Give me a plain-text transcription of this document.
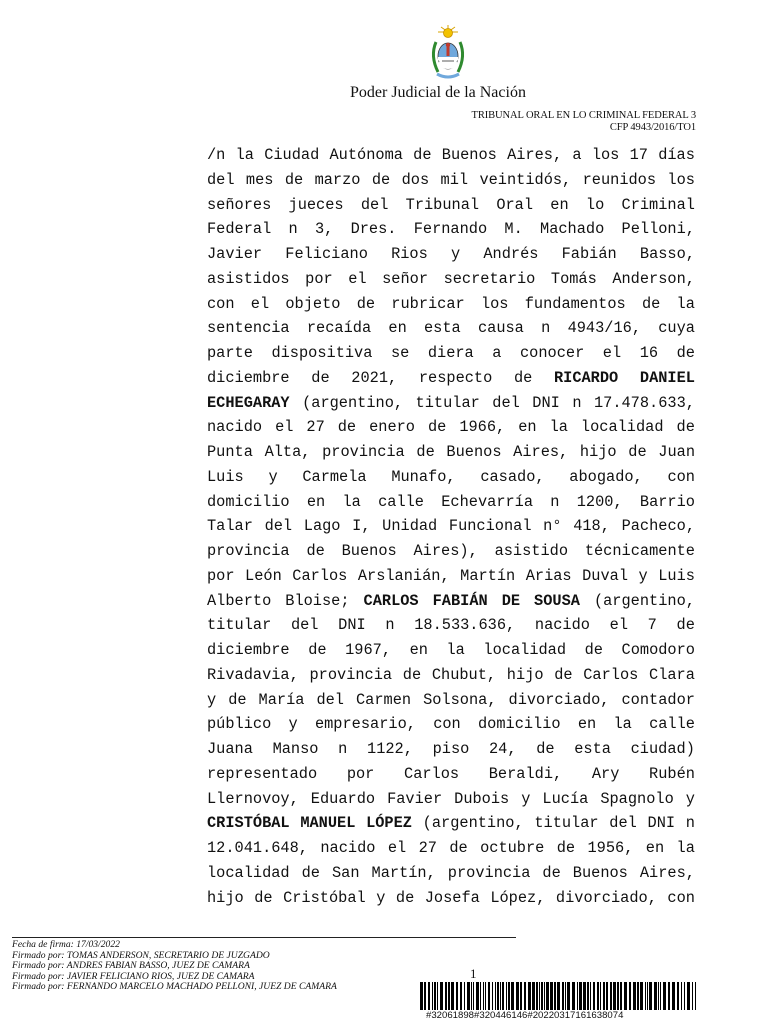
Poder Judicial de la Nación
TRIBUNAL ORAL EN LO CRIMINAL FEDERAL 3
CFP 4943/2016/TO1
/n la Ciudad Autónoma de Buenos Aires, a los 17 días
del mes de marzo de dos mil veintidós, reunidos los
señores jueces del Tribunal Oral en lo Criminal
Federal n 3, Dres. Fernando M. Machado Pelloni,
Javier Feliciano Rios y Andrés Fabián Basso,
asistidos por el señor secretario Tomás Anderson,
con el objeto de rubricar los fundamentos de la
sentencia recaída en esta causa n 4943/16, cuya
parte dispositiva se diera a conocer el 16 de
diciembre de 2021, respecto de RICARDO DANIEL
ECHEGARAY (argentino, titular del DNI n 17.478.633,
nacido el 27 de enero de 1966, en la localidad de
Punta Alta, provincia de Buenos Aires, hijo de Juan
Luis y Carmela Munafo, casado, abogado, con
domicilio en la calle Echevarría n 1200, Barrio
Talar del Lago I, Unidad Funcional n° 418, Pacheco,
provincia de Buenos Aires), asistido técnicamente
por León Carlos Arslanián, Martín Arias Duval y Luis
Alberto Bloise; CARLOS FABIÁN DE SOUSA (argentino,
titular del DNI n 18.533.636, nacido el 7 de
diciembre de 1967, en la localidad de Comodoro
Rivadavia, provincia de Chubut, hijo de Carlos Clara
y de María del Carmen Solsona, divorciado, contador
público y empresario, con domicilio en la calle
Juana Manso n 1122, piso 24, de esta ciudad)
representado por Carlos Beraldi, Ary Rubén
Llernovoy, Eduardo Favier Dubois y Lucía Spagnolo y
CRISTÓBAL MANUEL LÓPEZ (argentino, titular del DNI n
12.041.648, nacido el 27 de octubre de 1956, en la
localidad de San Martín, provincia de Buenos Aires,
hijo de Cristóbal y de Josefa López, divorciado, con
Fecha de firma: 17/03/2022
Firmado por: TOMAS ANDERSON, SECRETARIO DE JUZGADO
Firmado por: ANDRES FABIAN BASSO, JUEZ DE CAMARA
Firmado por: JAVIER FELICIANO RIOS, JUEZ DE CAMARA
Firmado por: FERNANDO MARCELO MACHADO PELLONI, JUEZ DE CAMARA
1
#32061898#320446146#20220317161638074
